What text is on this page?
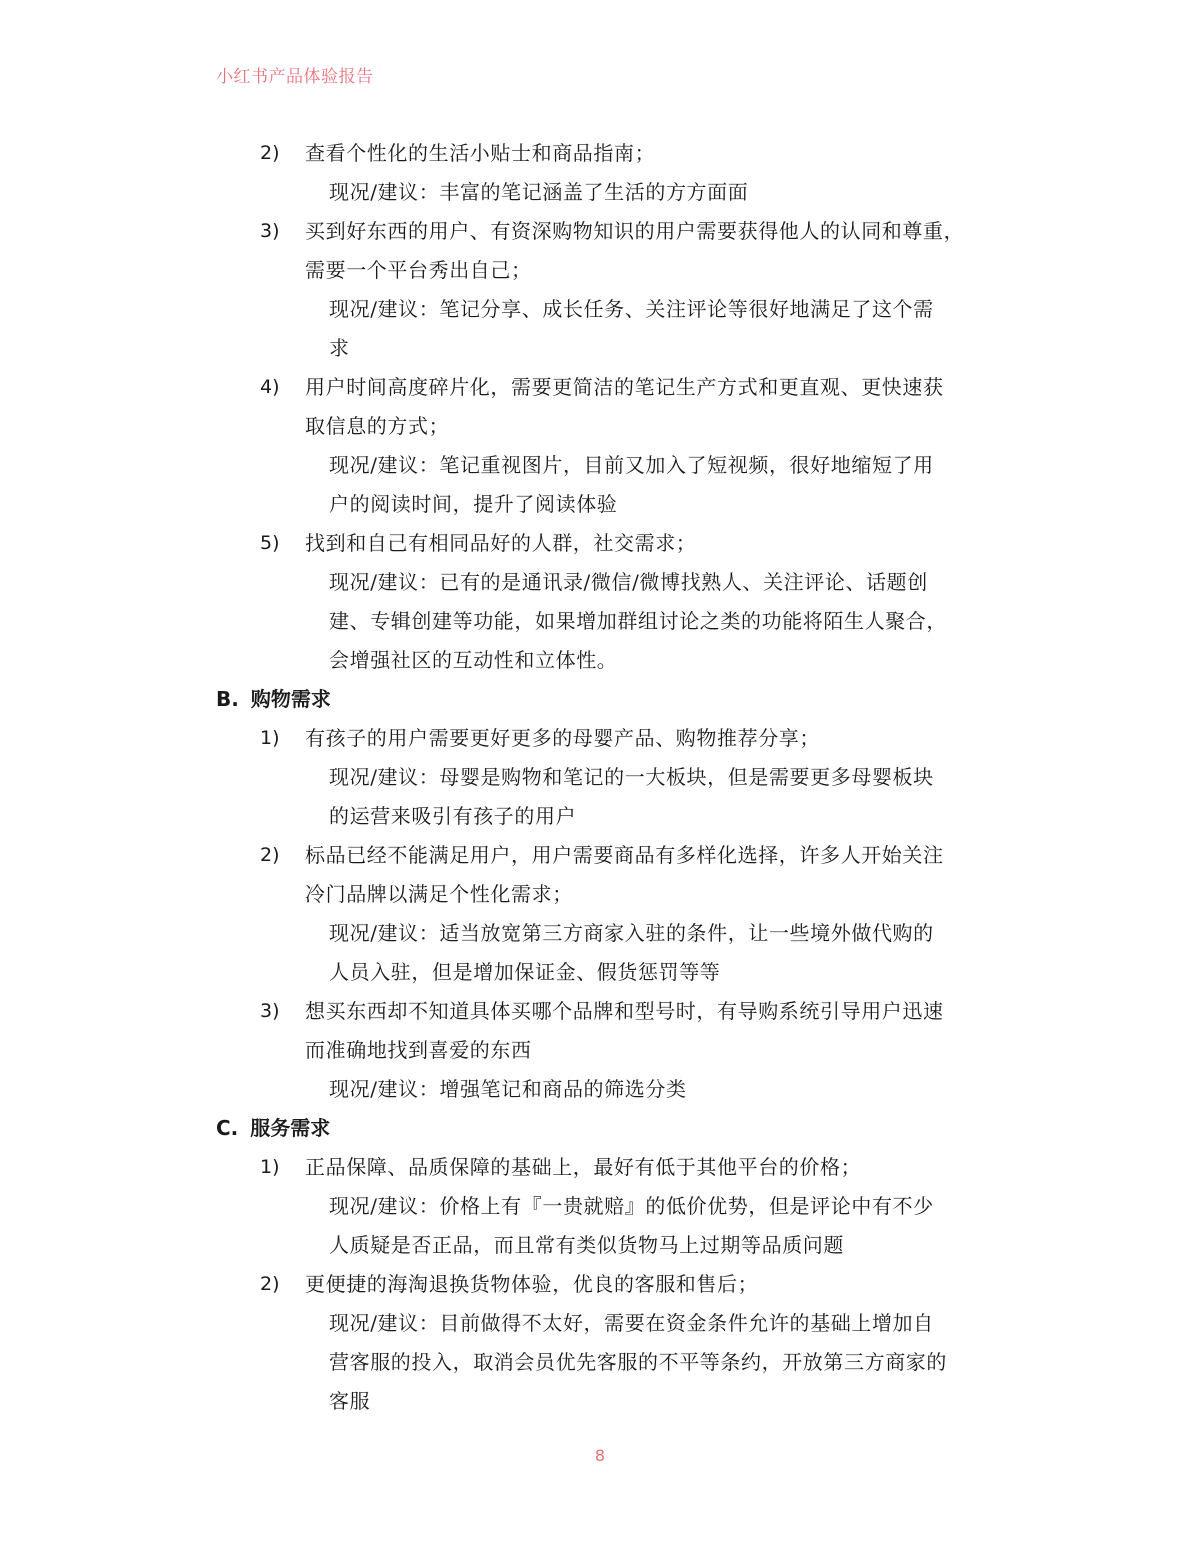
小红书产品体验报告
2) 查看个性化的生活小贴士和商品指南；
现况/建议：丰富的笔记涵盖了生活的方方面面
3) 买到好东西的用户、有资深购物知识的用户需要获得他人的认同和尊重，
需要一个平台秀出自己；
现况/建议：笔记分享、成长任务、关注评论等很好地满足了这个需
求
4) 用户时间高度碎片化，需要更简洁的笔记生产方式和更直观、更快速获
取信息的方式；
现况/建议：笔记重视图片，目前又加入了短视频，很好地缩短了用
户的阅读时间，提升了阅读体验
5) 找到和自己有相同品好的人群，社交需求；
现况/建议：已有的是通讯录/微信/微博找熟人、关注评论、话题创
建、专辑创建等功能，如果增加群组讨论之类的功能将陌生人聚合，
会增强社区的互动性和立体性。
B. 购物需求
1) 有孩子的用户需要更好更多的母婴产品、购物推荐分享；
现况/建议：母婴是购物和笔记的一大板块，但是需要更多母婴板块
的运营来吸引有孩子的用户
2) 标品已经不能满足用户，用户需要商品有多样化选择，许多人开始关注
冷门品牌以满足个性化需求；
现况/建议：适当放宽第三方商家入驻的条件，让一些境外做代购的
人员入驻，但是增加保证金、假货惩罚等等
3) 想买东西却不知道具体买哪个品牌和型号时，有导购系统引导用户迅速
而准确地找到喜爱的东西
现况/建议：增强笔记和商品的筛选分类
C. 服务需求
1) 正品保障、品质保障的基础上，最好有低于其他平台的价格；
现况/建议：价格上有『一贵就赔』的低价优势，但是评论中有不少
人质疑是否正品，而且常有类似货物马上过期等品质问题
2) 更便捷的海淘退换货物体验，优良的客服和售后；
现况/建议：目前做得不太好，需要在资金条件允许的基础上增加自
营客服的投入，取消会员优先客服的不平等条约，开放第三方商家的
客服
8
